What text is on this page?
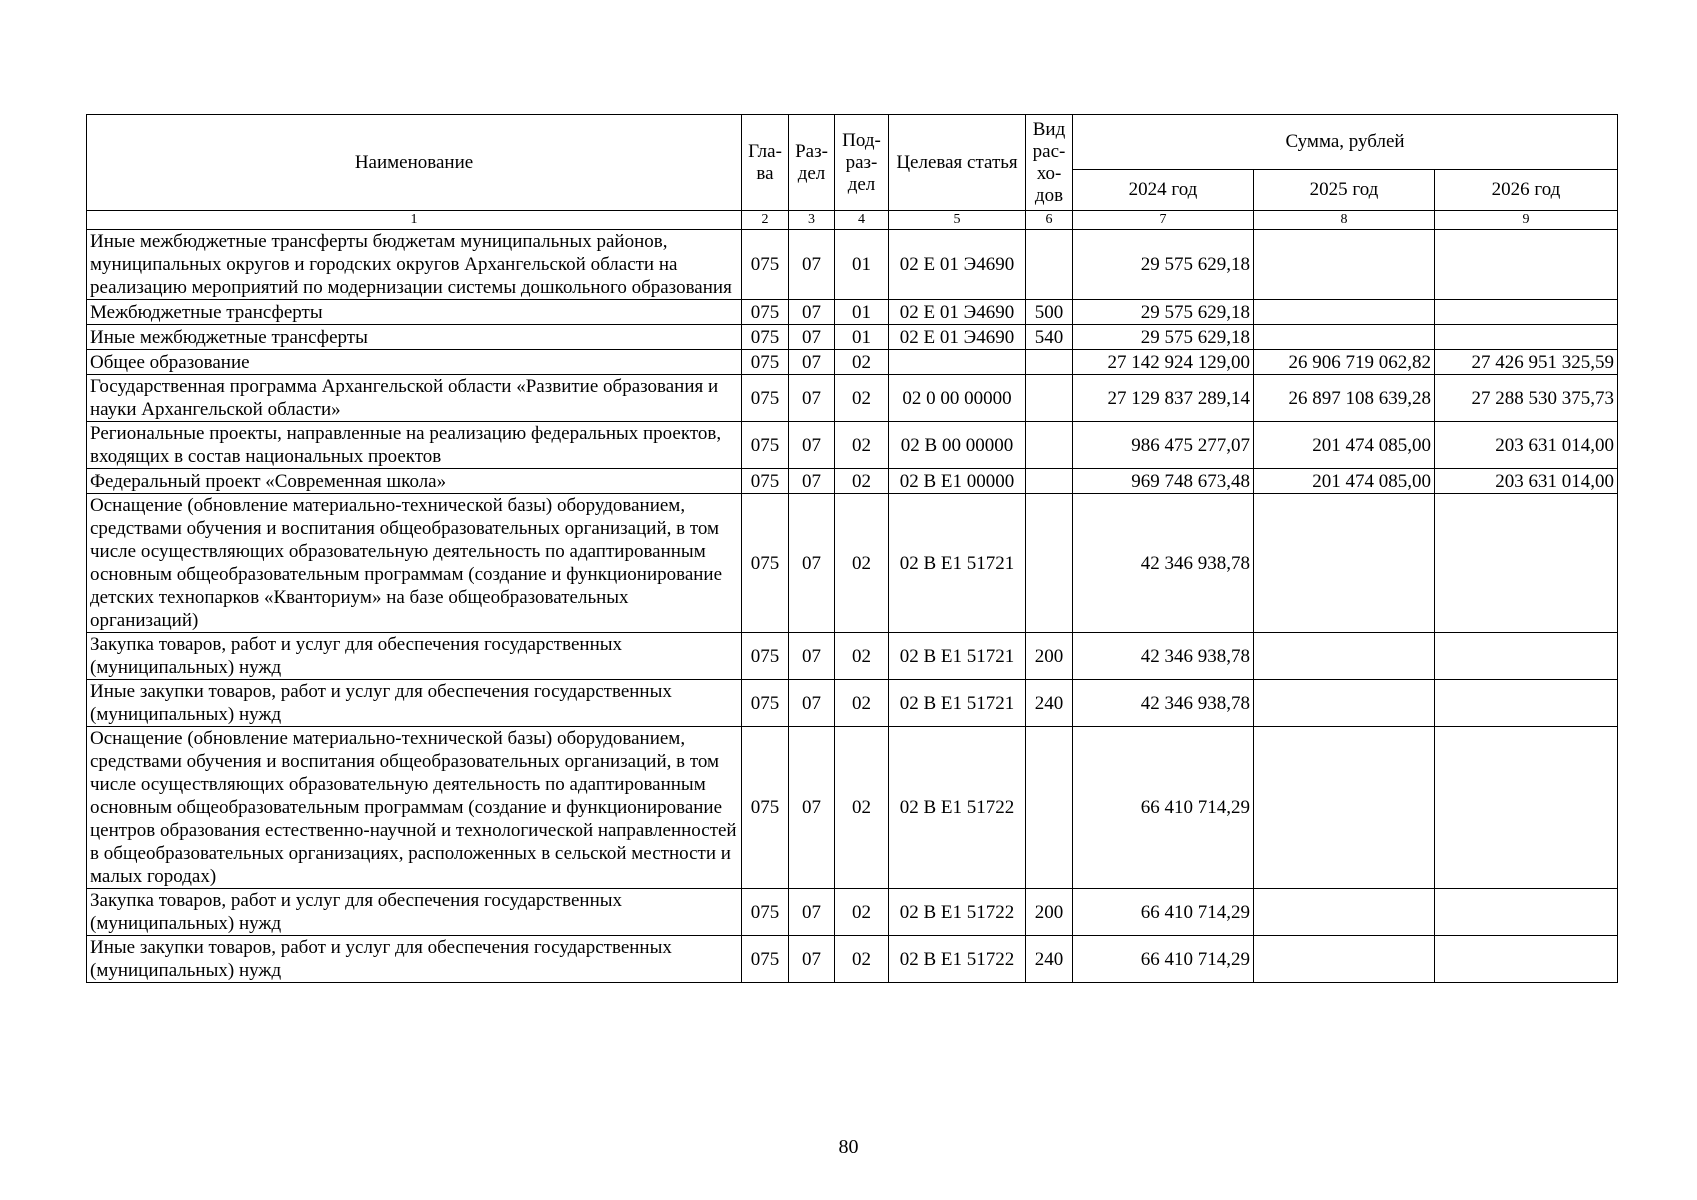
Наименование	Гла-ва	Раз-дел	Под-раз-дел	Целевая статья	Вид рас-хо-дов	Сумма, рублей		
						2024 год	2025 год	2026 год
1	2	3	4	5	6	7	8	9
Иные межбюджетные трансферты бюджетам муниципальных районов, муниципальных округов и городских округов Архангельской области на реализацию мероприятий по модернизации системы дошкольного образования	075	07	01	02 Е 01 Э4690		29 575 629,18		
Межбюджетные трансферты	075	07	01	02 Е 01 Э4690	500	29 575 629,18		
Иные межбюджетные трансферты	075	07	01	02 Е 01 Э4690	540	29 575 629,18		
Общее образование	075	07	02			27 142 924 129,00	26 906 719 062,82	27 426 951 325,59
Государственная программа Архангельской области «Развитие образования и науки Архангельской области»	075	07	02	02 0 00 00000		27 129 837 289,14	26 897 108 639,28	27 288 530 375,73
Региональные проекты, направленные на реализацию федеральных проектов, входящих в состав национальных проектов	075	07	02	02 В 00 00000		986 475 277,07	201 474 085,00	203 631 014,00
Федеральный проект «Современная школа»	075	07	02	02 В Е1 00000		969 748 673,48	201 474 085,00	203 631 014,00
Оснащение (обновление материально-технической базы) оборудованием, средствами обучения и воспитания общеобразовательных организаций, в том числе осуществляющих образовательную деятельность по адаптированным основным общеобразовательным программам (создание и функционирование детских технопарков «Кванториум» на базе общеобразовательных организаций)	075	07	02	02 В Е1 51721		42 346 938,78		
Закупка товаров, работ и услуг для обеспечения государственных (муниципальных) нужд	075	07	02	02 В Е1 51721	200	42 346 938,78		
Иные закупки товаров, работ и услуг для обеспечения государственных (муниципальных) нужд	075	07	02	02 В Е1 51721	240	42 346 938,78		
Оснащение (обновление материально-технической базы) оборудованием, средствами обучения и воспитания общеобразовательных организаций, в том числе осуществляющих образовательную деятельность по адаптированным основным общеобразовательным программам (создание и функционирование центров образования естественно-научной и технологической направленностей в общеобразовательных организациях, расположенных в сельской местности и малых городах)	075	07	02	02 В Е1 51722		66 410 714,29		
Закупка товаров, работ и услуг для обеспечения государственных (муниципальных) нужд	075	07	02	02 В Е1 51722	200	66 410 714,29		
Иные закупки товаров, работ и услуг для обеспечения государственных (муниципальных) нужд	075	07	02	02 В Е1 51722	240	66 410 714,29		
80
